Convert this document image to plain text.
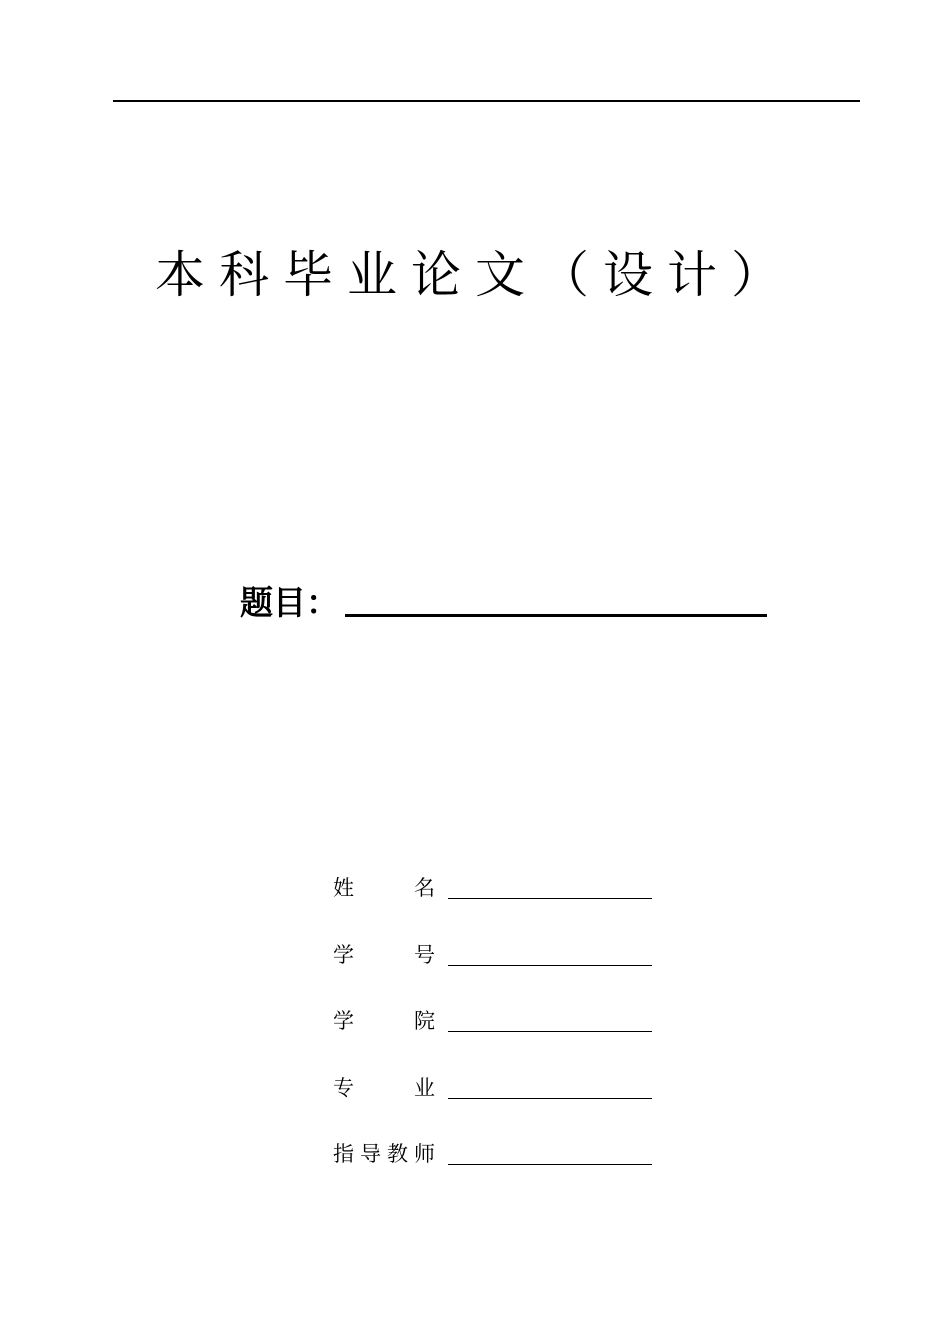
本科毕业论文（设计）
题目：
姓	名
学	号
学	院
专	业
指 导 教 师
